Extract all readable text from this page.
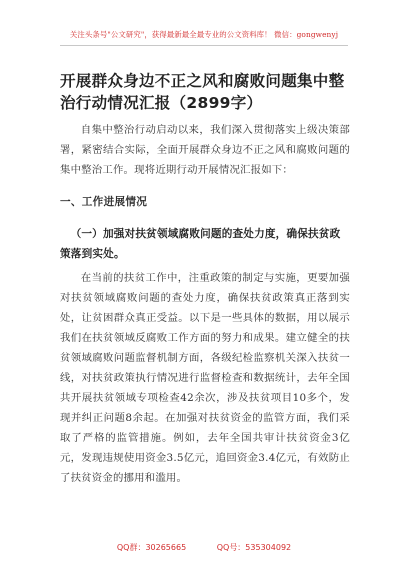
关注头条号"公文研究"，获得最新最全最专业的公文资料库！ 微信：gongwenyj
开展群众身边不正之风和腐败问题集中整治行动情况汇报（2899字）
自集中整治行动启动以来，我们深入贯彻落实上级决策部署，紧密结合实际，全面开展群众身边不正之风和腐败问题的集中整治工作。现将近期行动开展情况汇报如下：
一、工作进展情况
（一）加强对扶贫领域腐败问题的查处力度，确保扶贫政策落到实处。
在当前的扶贫工作中，注重政策的制定与实施，更要加强对扶贫领域腐败问题的查处力度，确保扶贫政策真正落到实处，让贫困群众真正受益。以下是一些具体的数据，用以展示我们在扶贫领域反腐败工作方面的努力和成果。建立健全的扶贫领域腐败问题监督机制方面，各级纪检监察机关深入扶贫一线，对扶贫政策执行情况进行监督检查和数据统计，去年全国共开展扶贫领域专项检查42余次，涉及扶贫项目10多个，发现并纠正问题8余起。在加强对扶贫资金的监管方面，我们采取了严格的监管措施。例如，去年全国共审计扶贫资金3亿元，发现违规使用资金3.5亿元，追回资金3.4亿元，有效防止了扶贫资金的挪用和滥用。
QQ群：30265665	QQ号：535304092
